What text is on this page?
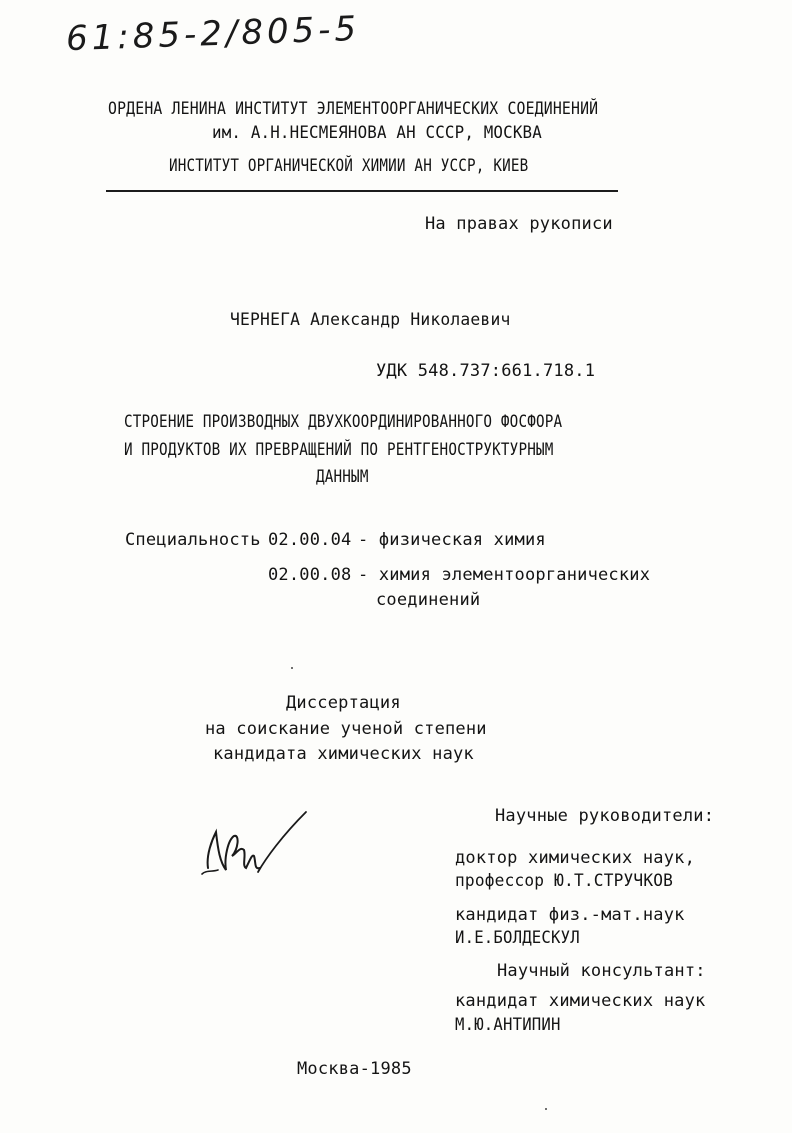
61:85-2/805-5
ОРДЕНА ЛЕНИНА ИНСТИТУТ ЭЛЕМЕНТООРГАНИЧЕСКИХ СОЕДИНЕНИЙ
им. А.Н.НЕСМЕЯНОВА АН СССР, МОСКВА
ИНСТИТУТ ОРГАНИЧЕСКОЙ ХИМИИ АН УССР, КИЕВ
На правах рукописи
ЧЕРНЕГА Александр Николаевич
УДК 548.737:661.718.1
СТРОЕНИЕ ПРОИЗВОДНЫХ ДВУХКООРДИНИРОВАННОГО ФОСФОРА
И ПРОДУКТОВ ИХ ПРЕВРАЩЕНИЙ ПО РЕНТГЕНОСТРУКТУРНЫМ
ДАННЫМ
Специальность 02.00.04 - физическая химия
02.00.08 - химия элементоорганических
соединений
Диссертация
на соискание ученой степени
кандидата химических наук
Научные руководители:
доктор химических наук,
профессор Ю.Т.СТРУЧКОВ
кандидат физ.-мат.наук
И.Е.БОЛДЕСКУЛ
Научный консультант:
кандидат химических наук
М.Ю.АНТИПИН
Москва-1985
